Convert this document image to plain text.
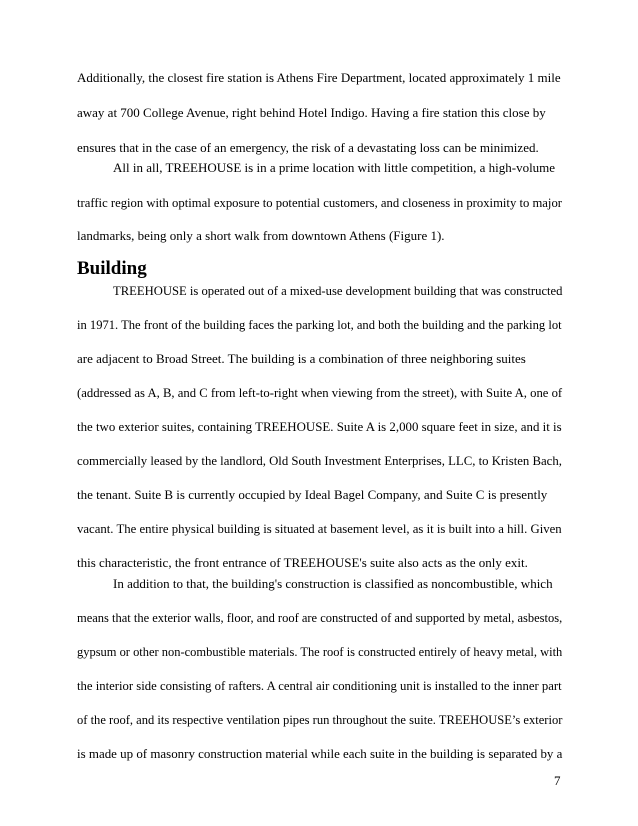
Additionally, the closest fire station is Athens Fire Department, located approximately 1 mile
away at 700 College Avenue, right behind Hotel Indigo. Having a fire station this close by
ensures that in the case of an emergency, the risk of a devastating loss can be minimized.
All in all, TREEHOUSE is in a prime location with little competition, a high-volume
traffic region with optimal exposure to potential customers, and closeness in proximity to major
landmarks, being only a short walk from downtown Athens (Figure 1).
Building
TREEHOUSE is operated out of a mixed-use development building that was constructed
in 1971. The front of the building faces the parking lot, and both the building and the parking lot
are adjacent to Broad Street. The building is a combination of three neighboring suites
(addressed as A, B, and C from left-to-right when viewing from the street), with Suite A, one of
the two exterior suites, containing TREEHOUSE. Suite A is 2,000 square feet in size, and it is
commercially leased by the landlord, Old South Investment Enterprises, LLC, to Kristen Bach,
the tenant. Suite B is currently occupied by Ideal Bagel Company, and Suite C is presently
vacant. The entire physical building is situated at basement level, as it is built into a hill. Given
this characteristic, the front entrance of TREEHOUSE's suite also acts as the only exit.
In addition to that, the building's construction is classified as noncombustible, which
means that the exterior walls, floor, and roof are constructed of and supported by metal, asbestos,
gypsum or other non-combustible materials. The roof is constructed entirely of heavy metal, with
the interior side consisting of rafters. A central air conditioning unit is installed to the inner part
of the roof, and its respective ventilation pipes run throughout the suite. TREEHOUSE’s exterior
is made up of masonry construction material while each suite in the building is separated by a
7
